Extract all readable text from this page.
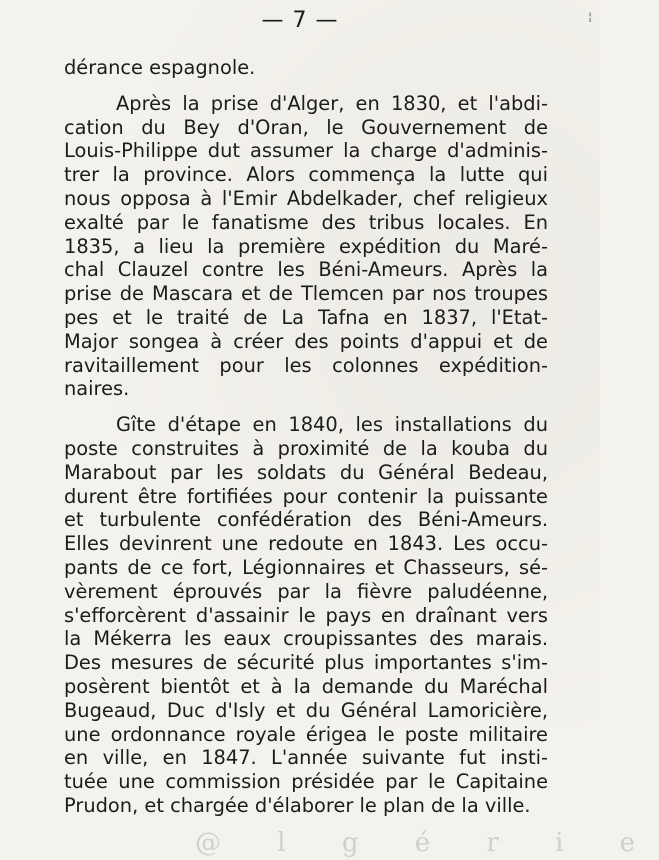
— 7 —	¦
dérance espagnole.
Après la prise d'Alger, en 1830, et l'abdi-
cation du Bey d'Oran, le Gouvernement de
Louis-Philippe dut assumer la charge d'adminis-
trer la province. Alors commença la lutte qui
nous opposa à l'Emir Abdelkader, chef religieux
exalté par le fanatisme des tribus locales. En
1835, a lieu la première expédition du Maré-
chal Clauzel contre les Béni-Ameurs. Après la
prise de Mascara et de Tlemcen par nos troupes
pes et le traité de La Tafna en 1837, l'Etat-
Major songea à créer des points d'appui et de
ravitaillement pour les colonnes expédition-
naires.
Gîte d'étape en 1840, les installations du
poste construites à proximité de la kouba du
Marabout par les soldats du Général Bedeau,
durent être fortifiées pour contenir la puissante
et turbulente confédération des Béni-Ameurs.
Elles devinrent une redoute en 1843. Les occu-
pants de ce fort, Légionnaires et Chasseurs, sé-
vèrement éprouvés par la fièvre paludéenne,
s'efforcèrent d'assainir le pays en draînant vers
la Mékerra les eaux croupissantes des marais.
Des mesures de sécurité plus importantes s'im-
posèrent bientôt et à la demande du Maréchal
Bugeaud, Duc d'Isly et du Général Lamoricière,
une ordonnance royale érigea le poste militaire
en ville, en 1847. L'année suivante fut insti-
tuée une commission présidée par le Capitaine
Prudon, et chargée d'élaborer le plan de la ville.
@ l g é r i e
